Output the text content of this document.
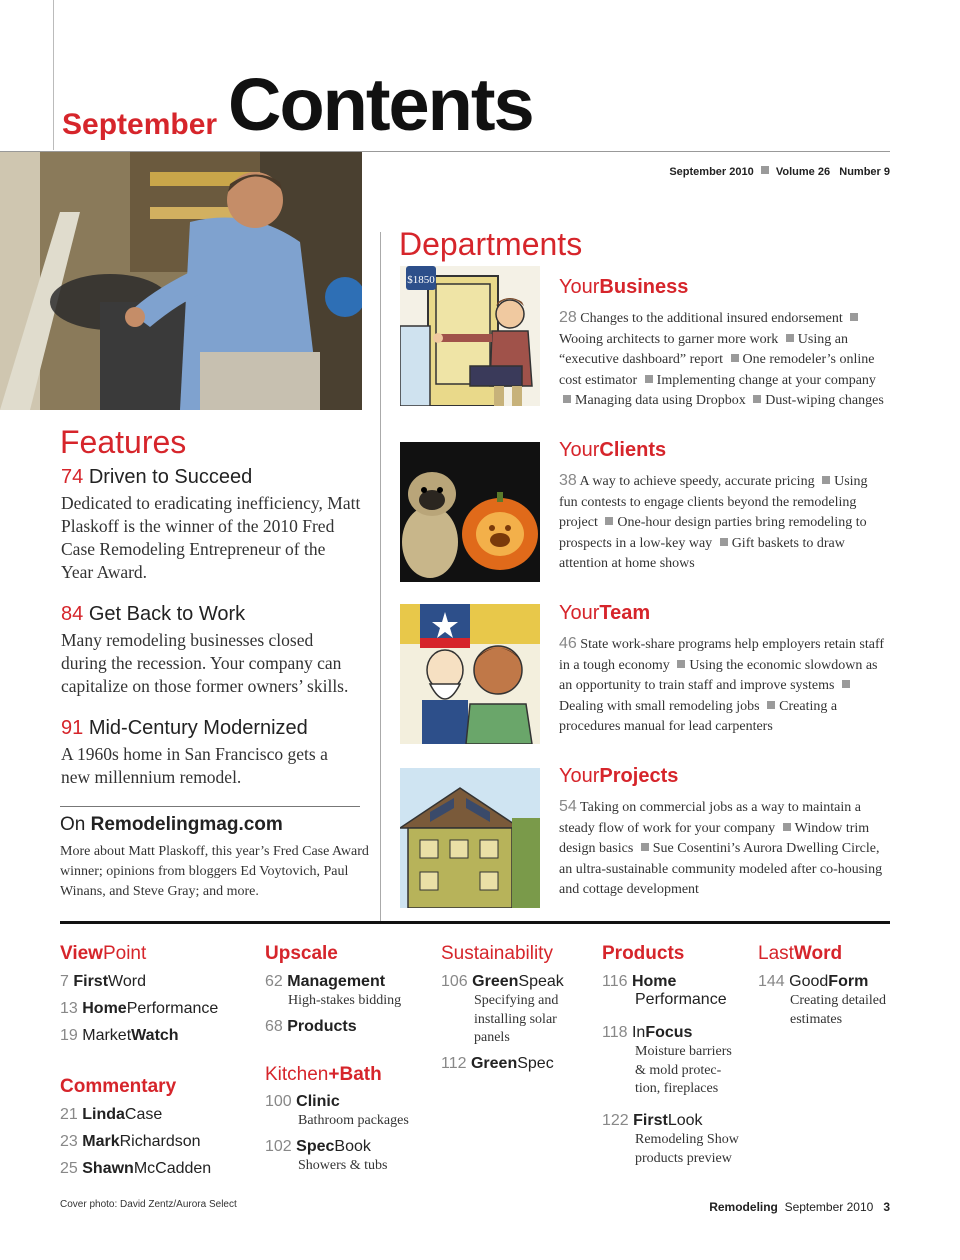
September Contents
September 2010 Volume 26 Number 9
Features
74 Driven to Succeed

Dedicated to eradicating inefficiency, Matt Plaskoff is the winner of the 2010 Fred Case Remodeling Entrepreneur of the Year Award.

84 Get Back to Work

Many remodeling businesses closed during the recession. Your company can capitalize on those former owners’ skills.

91 Mid-Century Modernized

A 1960s home in San Francisco gets a new millennium remodel.

On Remodelingmag.com
More about Matt Plaskoff, this year’s Fred Case Award winner; opinions from bloggers Ed Voytovich, Paul Winans, and Steve Gray; and more.
Departments
$1850	YourBusiness
28 Changes to the additional insured endorsement Wooing architects to garner more work Using an “executive dashboard” report One remodeler’s online cost estimator Implementing change at your company Managing data using Dropbox Dust-wiping changes
YourClients
38 A way to achieve speedy, accurate pricing Using fun contests to engage clients beyond the remodeling project One-hour design parties bring remodeling to prospects in a low-key way Gift baskets to draw attention at home shows
YourTeam
46 State work-share programs help employers retain staff in a tough economy Using the economic slowdown as an opportunity to train staff and improve systems Dealing with small remodeling jobs Creating a procedures manual for lead carpenters
YourProjects
54 Taking on commercial jobs as a way to maintain a steady flow of work for your company Window trim design basics Sue Cosentini’s Aurora Dwelling Circle, an ultra-sustainable community modeled after co-housing and cottage development
ViewPoint
7 FirstWord
13 HomePerformance
19 MarketWatch
Commentary
21 LindaCase
23 MarkRichardson
25 ShawnMcCadden
Upscale
62 Management
High-stakes bidding
68 Products
Kitchen+Bath
100 Clinic
Bathroom packages
102 SpecBook
Showers & tubs
Sustainability
106 GreenSpeak
Specifying and installing solar panels
112 GreenSpec
Products
116 Home
Performance
118 InFocus
Moisture barriers & mold protec- tion, fireplaces
122 FirstLook
Remodeling Show products preview
LastWord
144 GoodForm
Creating detailed estimates
Cover photo: David Zentz/Aurora Select	Remodeling September 2010 3
